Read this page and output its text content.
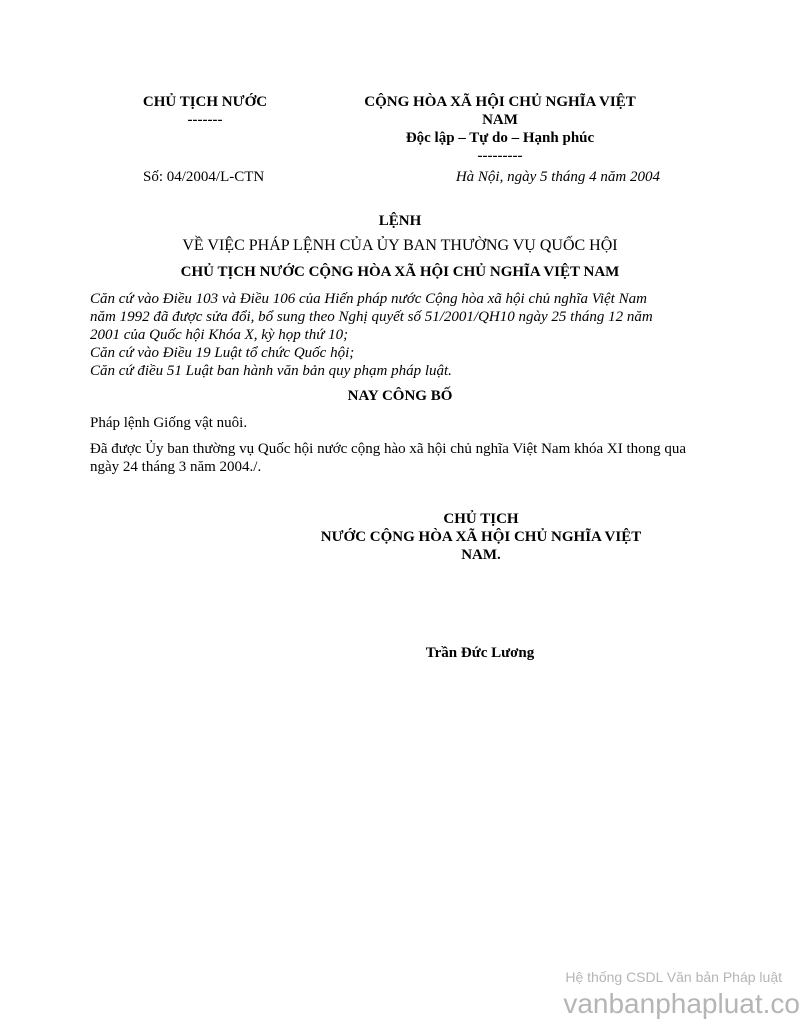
CHỦ TỊCH NƯỚC
-------
CỘNG HÒA XÃ HỘI CHỦ NGHĨA VIỆT
NAM
Độc lập – Tự do – Hạnh phúc
---------
Số: 04/2004/L-CTN	Hà Nội, ngày 5 tháng 4 năm 2004
LỆNH
VỀ VIỆC PHÁP LỆNH CỦA ỦY BAN THƯỜNG VỤ QUỐC HỘI
CHỦ TỊCH NƯỚC CỘNG HÒA XÃ HỘI CHỦ NGHĨA VIỆT NAM
Căn cứ vào Điều 103 và Điều 106 của Hiến pháp nước Cộng hòa xã hội chủ nghĩa Việt Nam
năm 1992 đã được sửa đổi, bổ sung theo Nghị quyết số 51/2001/QH10 ngày 25 tháng 12 năm
2001 của Quốc hội Khóa X, kỳ họp thứ 10;
Căn cứ vào Điều 19 Luật tổ chức Quốc hội;
Căn cứ điều 51 Luật ban hành văn bản quy phạm pháp luật.
NAY CÔNG BỐ

Pháp lệnh Giống vật nuôi.

Đã được Ủy ban thường vụ Quốc hội nước cộng hào xã hội chủ nghĩa Việt Nam khóa XI thong qua ngày 24 tháng 3 năm 2004./.

CHỦ TỊCH
NƯỚC CỘNG HÒA XÃ HỘI CHỦ NGHĨA VIỆT
NAM.
Trần Đức Lương
Hệ thống CSDL Văn bản Pháp luật
vanbanphapluat.co
